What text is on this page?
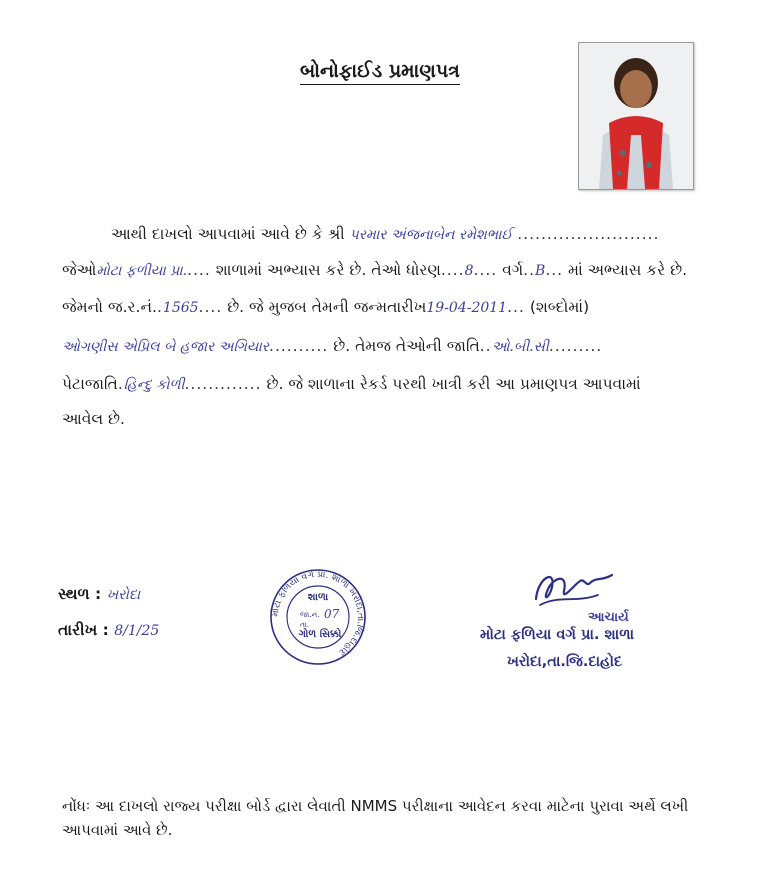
બોનોફાઈડ પ્રમાણપત્ર
આથી દાખલો આપવામાં આવે છે કે શ્રી પરમાર અંજનાબેન રમેશભાઈ ........................
જેઓમોટા ફળીયા પ્રા..... શાળામાં અભ્યાસ કરે છે. તેઓ ધોરણ....8.... વર્ગ..B... માં અભ્યાસ કરે છે.
જેમનો જ.ર.નં..1565.... છે. જે મુજબ તેમની જન્મતારીખ19-04-2011... (શબ્દોમાં)
ઓગણીસ એપ્રિલ બે હજાર અગિયાર.......... છે. તેમજ તેઓની જાતિ..ઓ.બી.સી.........
પેટાજાતિ.હિન્દુ કોળી............. છે. જે શાળાના રેકર્ડ પરથી ખાત્રી કરી આ પ્રમાણપત્ર આપવામાં
આવેલ છે.
સ્થળ : ખરોદા
તારીખ : 8/1/25
મોટા ફળિયા વર્ગ પ્રા. શાળા ખરોદા,તા.જિ.દાહોદ
શાળા
જા.નં. 07
તા.
ગોળ સિક્કો
આચાર્ય
મોટા ફળિયા વર્ગ પ્રા. શાળા
ખરોદા,તા.જિ.દાહોદ
નોંધઃ આ દાખલો રાજ્ય પરીક્ષા બોર્ડ દ્વારા લેવાતી NMMS પરીક્ષાના આવેદન કરવા માટેના પુરાવા અર્થે લખી આપવામાં આવે છે.
